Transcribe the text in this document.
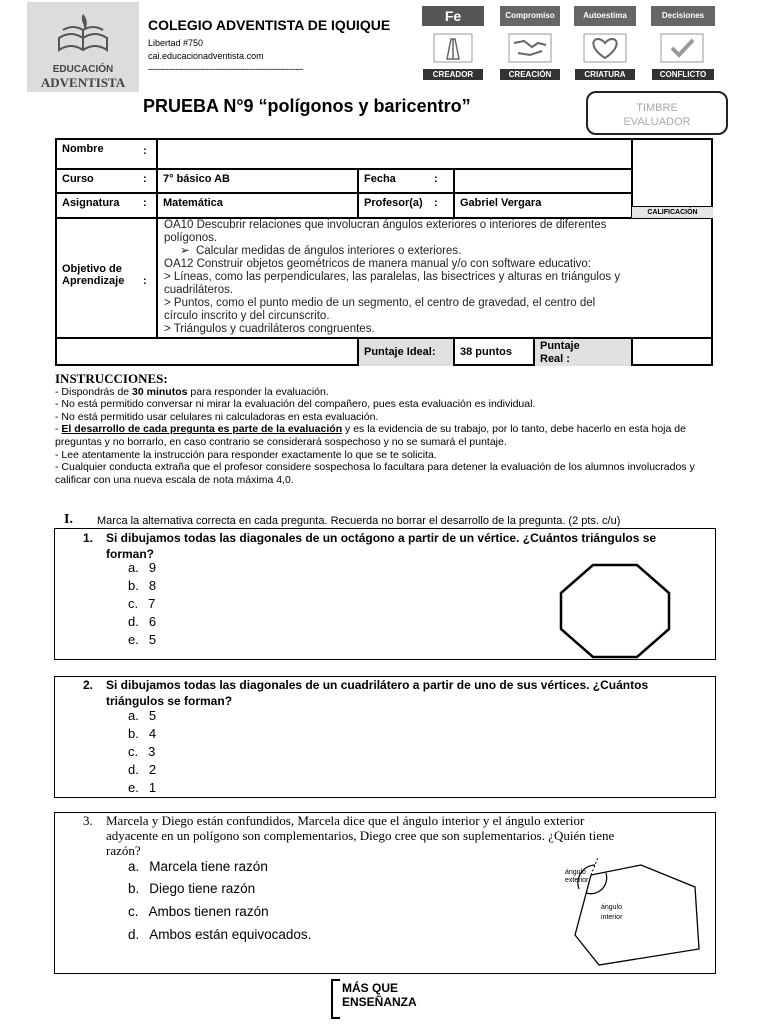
EDUCACIÓN
ADVENTISTA
COLEGIO ADVENTISTA DE IQUIQUE
Libertad #750
cai.educacionadventista.com
--------------------------------------------------------------
Fe	Compromiso	Autoestima	Decisiones
CREADOR	CREACIÓN	CRIATURA	CONFLICTO
PRUEBA N°9 “polígonos y baricentro”	TIMBRE
EVALUADOR
Nombre	:
Curso	:	7° básico AB	Fecha	:
Asignatura :	Matemática	Profesor(a) :	Gabriel Vergara
CALIFICACIÓN
Objetivo de
Aprendizaje :
OA10 Descubrir relaciones que involucran ángulos exteriores o interiores de diferentes
polígonos.
➢  Calcular medidas de ángulos interiores o exteriores.
OA12 Construir objetos geométricos de manera manual y/o con software educativo:
> Líneas, como las perpendiculares, las paralelas, las bisectrices y alturas en triángulos y
cuadriláteros.
> Puntos, como el punto medio de un segmento, el centro de gravedad, el centro del
círculo inscrito y del circunscrito.
> Triángulos y cuadriláteros congruentes.
Puntaje Ideal:	38 puntos	Puntaje
Real :
INSTRUCCIONES:

- Dispondrás de 30 minutos para responder la evaluación.

- No está permitido conversar ni mirar la evaluación del compañero, pues esta evaluación es individual.

- No está permitido usar celulares ni calculadoras en esta evaluación.

- El desarrollo de cada pregunta es parte de la evaluación y es la evidencia de su trabajo, por lo tanto, debe hacerlo en esta hoja de preguntas y no borrarlo, en caso contrario se considerará sospechoso y no se sumará el puntaje.

- Lee atentamente la instrucción para responder exactamente lo que se te solicita.

- Cualquier conducta extraña que el profesor considere sospechosa lo facultara para detener la evaluación de los alumnos involucrados y calificar con una nueva escala de nota máxima 4,0.

I. Marca la alternativa correcta en cada pregunta. Recuerda no borrar el desarrollo de la pregunta. (2 pts. c/u)
1. Si dibujamos todas las diagonales de un octágono a partir de un vértice. ¿Cuántos triángulos se
forman?
a. 9
b. 8
c. 7
d. 6
e. 5
2. Si dibujamos todas las diagonales de un cuadrilátero a partir de uno de sus vértices. ¿Cuántos
triángulos se forman?
a. 5
b. 4
c. 3
d. 2
e. 1
3. Marcela y Diego están confundidos, Marcela dice que el ángulo interior y el ángulo exterior
adyacente en un polígono son complementarios, Diego cree que son suplementarios. ¿Quién tiene
razón?
a. Marcela tiene razón
b. Diego tiene razón
c. Ambos tienen razón
d. Ambos están equivocados.
ángulo
exterior
ángulo
interior
MÁS QUE
ENSEÑANZA
